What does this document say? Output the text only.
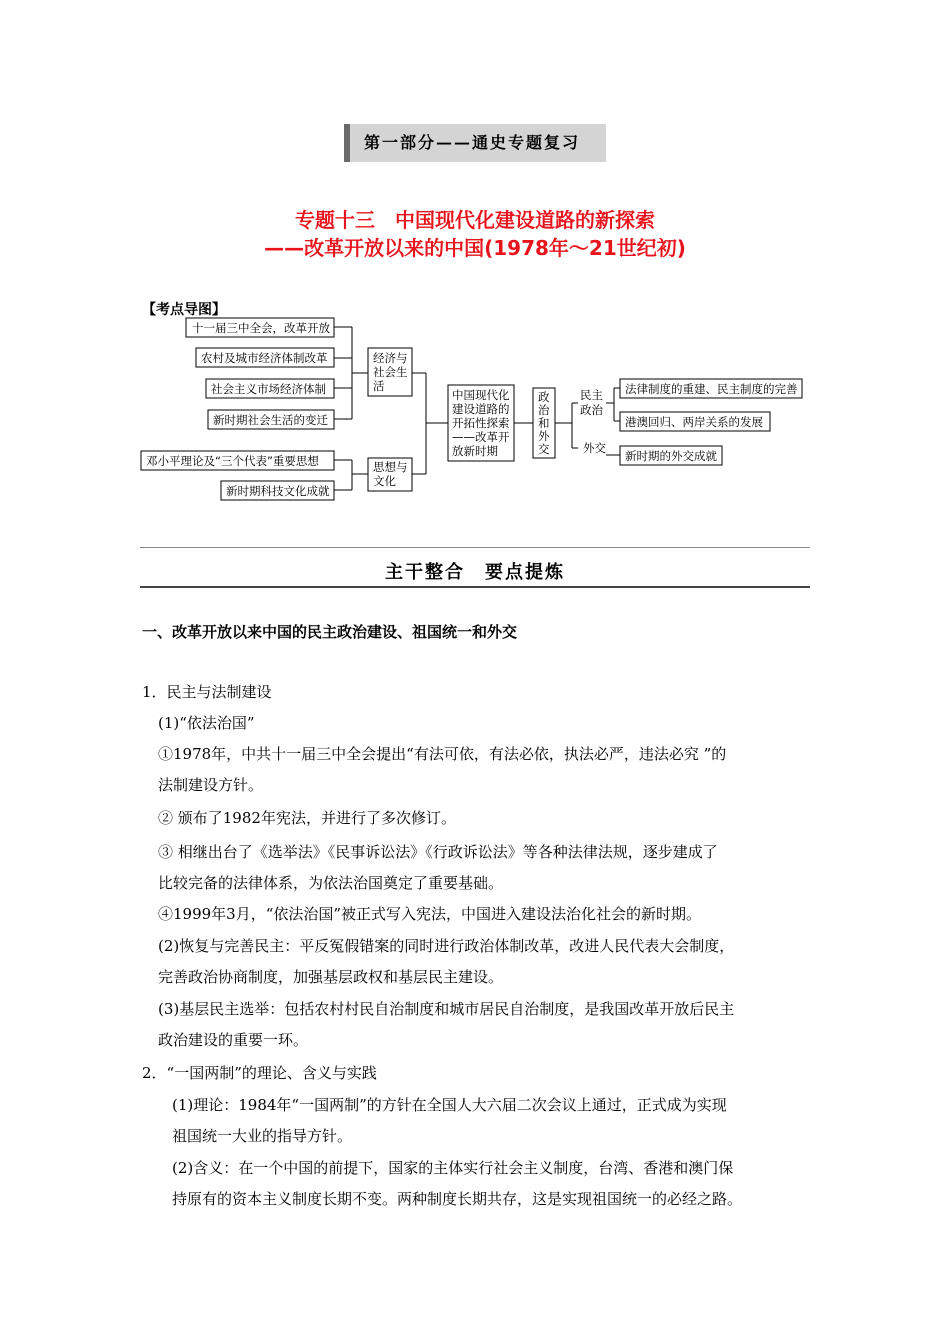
第一部分——通史专题复习
专题十三　中国现代化建设道路的新探索
——改革开放以来的中国(1978年～21世纪初)
【考点导图】
十一届三中全会，改革开放
农村及城市经济体制改革
社会主义市场经济体制
新时期社会生活的变迁
邓小平理论及“三个代表”重要思想
新时期科技文化成就
经济与
社会生
活
思想与
文化
中国现代化
建设道路的
开拓性探索
——改革开
放新时期
政
治
和
外
交
民主
政治
外交
法律制度的重建、民主制度的完善
港澳回归、两岸关系的发展
新时期的外交成就
主干整合　要点提炼
一、改革开放以来中国的民主政治建设、祖国统一和外交
1．民主与法制建设
(1)“依法治国”
①1978年，中共十一届三中全会提出“有法可依，有法必依，执法必严，违法必究 ”的
法制建设方针。
② 颁布了1982年宪法，并进行了多次修订。
③ 相继出台了《选举法》《民事诉讼法》《行政诉讼法》等各种法律法规，逐步建成了
比较完备的法律体系，为依法治国奠定了重要基础。
④1999年3月，“依法治国”被正式写入宪法，中国进入建设法治化社会的新时期。
(2)恢复与完善民主：平反冤假错案的同时进行政治体制改革，改进人民代表大会制度，
完善政治协商制度，加强基层政权和基层民主建设。
(3)基层民主选举：包括农村村民自治制度和城市居民自治制度，是我国改革开放后民主
政治建设的重要一环。
2．“一国两制”的理论、含义与实践
(1)理论：1984年“一国两制”的方针在全国人大六届二次会议上通过，正式成为实现
祖国统一大业的指导方针。
(2)含义：在一个中国的前提下，国家的主体实行社会主义制度，台湾、香港和澳门保
持原有的资本主义制度长期不变。两种制度长期共存，这是实现祖国统一的必经之路。
